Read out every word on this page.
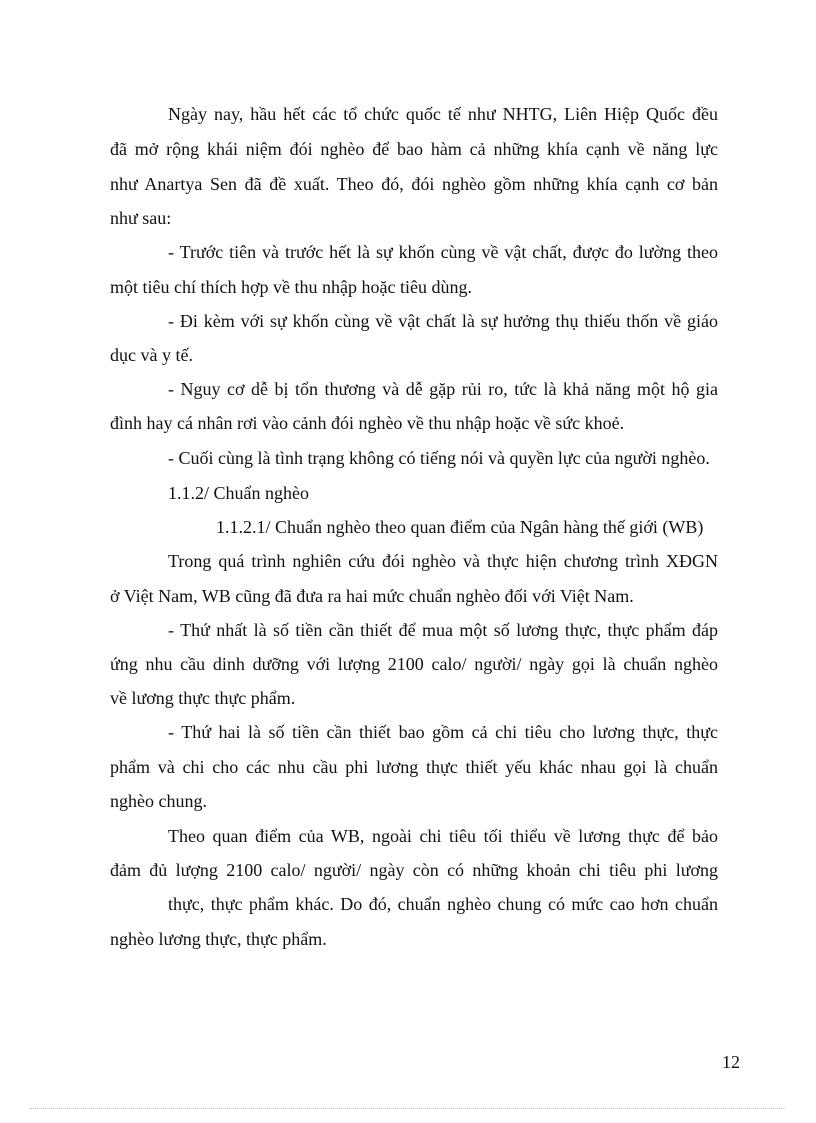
Ngày nay, hầu hết các tổ chức quốc tế như NHTG, Liên Hiệp Quốc đều
đã mở rộng khái niệm đói nghèo để bao hàm cả những khía cạnh về năng lực
như Anartya Sen đã đề xuất. Theo đó, đói nghèo gồm những khía cạnh cơ bản
như sau:
- Trước tiên và trước hết là sự khốn cùng về vật chất, được đo lường theo
một tiêu chí thích hợp về thu nhập hoặc tiêu dùng.
- Đi kèm với sự khốn cùng về vật chất là sự hưởng thụ thiếu thốn về giáo
dục và y tế.
- Nguy cơ dễ bị tổn thương và dễ gặp rủi ro, tức là khả năng một hộ gia
đình hay cá nhân rơi vào cảnh đói nghèo về thu nhập hoặc về sức khoẻ.
- Cuối cùng là tình trạng không có tiếng nói và quyền lực của người nghèo.
1.1.2/ Chuẩn nghèo
1.1.2.1/ Chuẩn nghèo theo quan điểm của Ngân hàng thế giới (WB)
Trong quá trình nghiên cứu đói nghèo và thực hiện chương trình XĐGN
ở Việt Nam, WB cũng đã đưa ra hai mức chuẩn nghèo đối với Việt Nam.
- Thứ nhất là số tiền cần thiết để mua một số lương thực, thực phẩm đáp
ứng nhu cầu dinh dưỡng với lượng 2100 calo/ người/ ngày gọi là chuẩn nghèo
về lương thực thực phẩm.
- Thứ hai là số tiền cần thiết bao gồm cả chi tiêu cho lương thực, thực
phẩm và chi cho các nhu cầu phi lương thực thiết yếu khác nhau gọi là chuẩn
nghèo chung.
Theo quan điểm của WB, ngoài chi tiêu tối thiểu về lương thực để bảo
đảm đủ lượng 2100 calo/ người/ ngày còn có những khoản chi tiêu phi lương
thực, thực phẩm khác. Do đó, chuẩn nghèo chung có mức cao hơn chuẩn
nghèo lương thực, thực phẩm.
12
